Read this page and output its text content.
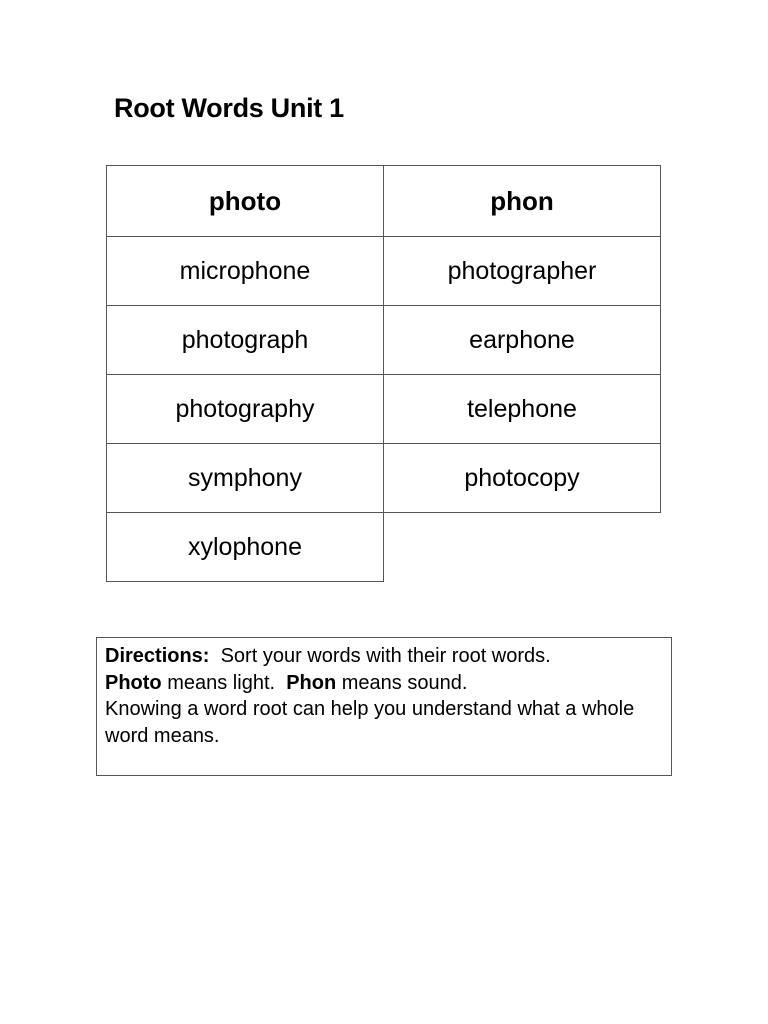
Root Words Unit 1
photo	phon
microphone	photographer
photograph	earphone
photography	telephone
symphony	photocopy
xylophone	

Directions: Sort your words with their root words.

Photo means light. Phon means sound.

Knowing a word root can help you understand what a whole word means.
